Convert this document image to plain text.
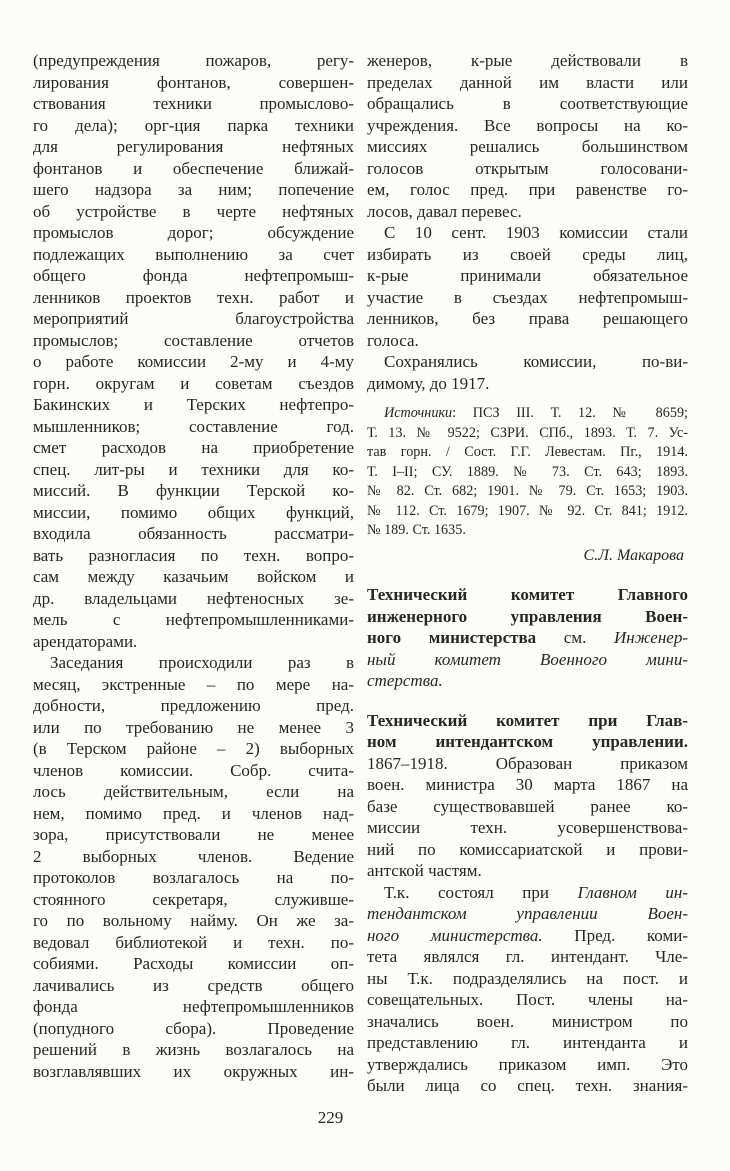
(предупреждения пожаров, регу-
лирования фонтанов, совершен-
ствования техники промыслово-
го дела); орг-ция парка техники
для регулирования нефтяных
фонтанов и обеспечение ближай-
шего надзора за ним; попечение
об устройстве в черте нефтяных
промыслов дорог; обсуждение
подлежащих выполнению за счет
общего фонда нефтепромыш-
ленников проектов техн. работ и
мероприятий благоустройства
промыслов; составление отчетов
о работе комиссии 2-му и 4-му
горн. округам и советам съездов
Бакинских и Терских нефтепро-
мышленников; составление год.
смет расходов на приобретение
спец. лит-ры и техники для ко-
миссий. В функции Терской ко-
миссии, помимо общих функций,
входила обязанность рассматри-
вать разногласия по техн. вопро-
сам между казачьим войском и
др. владельцами нефтеносных зе-
мель с нефтепромышленниками-
арендаторами.
Заседания происходили раз в
месяц, экстренные – по мере на-
добности, предложению пред.
или по требованию не менее 3
(в Терском районе – 2) выборных
членов комиссии. Собр. счита-
лось действительным, если на
нем, помимо пред. и членов над-
зора, присутствовали не менее
2 выборных членов. Ведение
протоколов возлагалось на по-
стоянного секретаря, служивше-
го по вольному найму. Он же за-
ведовал библиотекой и техн. по-
собиями. Расходы комиссии оп-
лачивались из средств общего
фонда нефтепромышленников
(попудного сбора). Проведение
решений в жизнь возлагалось на
возглавлявших их окружных ин-
женеров, к-рые действовали в
пределах данной им власти или
обращались в соответствующие
учреждения. Все вопросы на ко-
миссиях решались большинством
голосов открытым голосовани-
ем, голос пред. при равенстве го-
лосов, давал перевес.
С 10 сент. 1903 комиссии стали
избирать из своей среды лиц,
к-рые принимали обязательное
участие в съездах нефтепромыш-
ленников, без права решающего
голоса.
Сохранялись комиссии, по-ви-
димому, до 1917.
Источники: ПСЗ III. Т. 12. № 8659;
Т. 13. № 9522; СЗРИ. СПб., 1893. Т. 7. Ус-
тав горн. / Сост. Г.Г. Левестам. Пг., 1914.
Т. I–II; СУ. 1889. № 73. Ст. 643; 1893.
№ 82. Ст. 682; 1901. № 79. Ст. 1653; 1903.
№ 112. Ст. 1679; 1907. № 92. Ст. 841; 1912.
№ 189. Ст. 1635.
С.Л. Макарова
Технический комитет Главного
инженерного управления Воен-
ного министерства см. Инженер-
ный комитет Военного мини-
стерства.
Технический комитет при Глав-
ном интендантском управлении.
1867–1918. Образован приказом
воен. министра 30 марта 1867 на
базе существовавшей ранее ко-
миссии техн. усовершенствова-
ний по комиссариатской и прови-
антской частям.
Т.к. состоял при Главном ин-
тендантском управлении Воен-
ного министерства. Пред. коми-
тета являлся гл. интендант. Чле-
ны Т.к. подразделялись на пост. и
совещательных. Пост. члены на-
значались воен. министром по
представлению гл. интенданта и
утверждались приказом имп. Это
были лица со спец. техн. знания-
229
